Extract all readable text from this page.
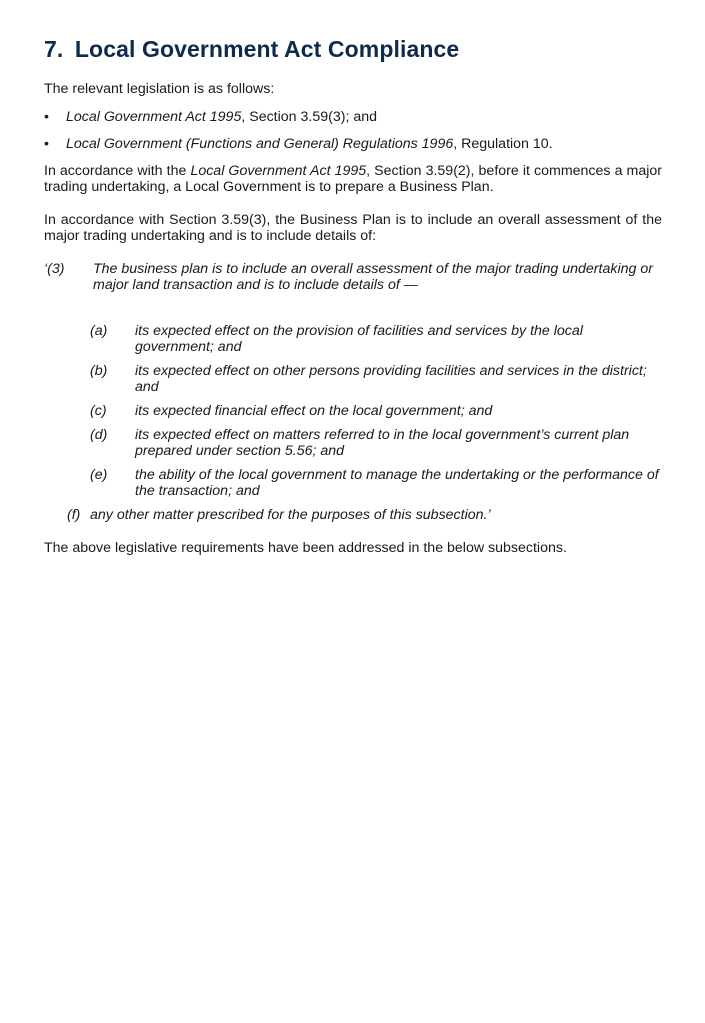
7. Local Government Act Compliance

The relevant legislation is as follows:

• Local Government Act 1995, Section 3.59(3); and
• Local Government (Functions and General) Regulations 1996, Regulation 10.

In accordance with the Local Government Act 1995, Section 3.59(2), before it commences a major trading undertaking, a Local Government is to prepare a Business Plan.

In accordance with Section 3.59(3), the Business Plan is to include an overall assessment of the major trading undertaking and is to include details of:

‘(3) The business plan is to include an overall assessment of the major trading undertaking or major land transaction and is to include details of —
(a) its expected effect on the provision of facilities and services by the local government; and
(b) its expected effect on other persons providing facilities and services in the district; and
(c) its expected financial effect on the local government; and
(d) its expected effect on matters referred to in the local government’s current plan prepared under section 5.56; and
(e) the ability of the local government to manage the undertaking or the performance of the transaction; and
(f) any other matter prescribed for the purposes of this subsection.’

The above legislative requirements have been addressed in the below subsections.
